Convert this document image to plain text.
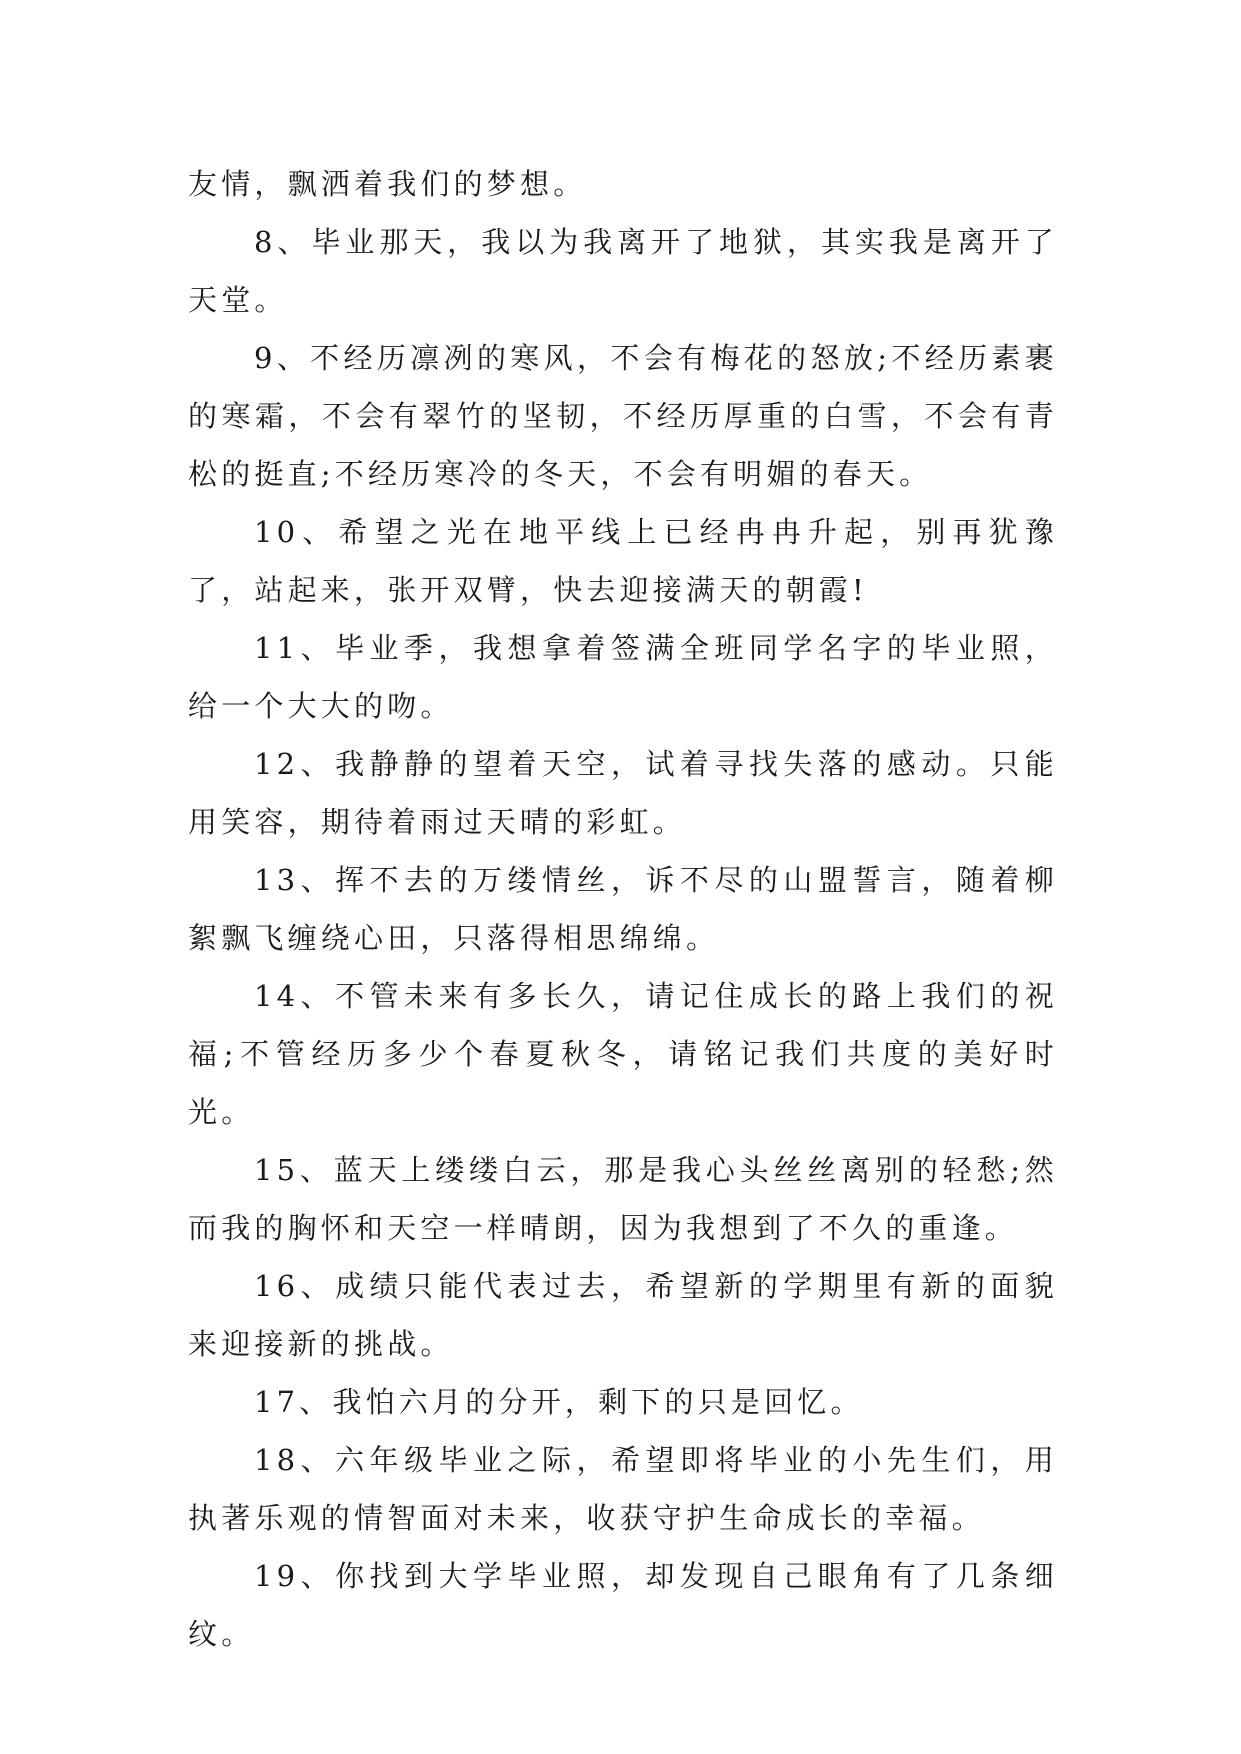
友情，飘洒着我们的梦想。

8、毕业那天，我以为我离开了地狱，其实我是离开了天堂。

9、不经历凛冽的寒风，不会有梅花的怒放;不经历素裹的寒霜，不会有翠竹的坚韧，不经历厚重的白雪，不会有青松的挺直;不经历寒冷的冬天，不会有明媚的春天。

10、希望之光在地平线上已经冉冉升起，别再犹豫了，站起来，张开双臂，快去迎接满天的朝霞!

11、毕业季，我想拿着签满全班同学名字的毕业照，给一个大大的吻。

12、我静静的望着天空，试着寻找失落的感动。只能用笑容，期待着雨过天晴的彩虹。

13、挥不去的万缕情丝，诉不尽的山盟誓言，随着柳絮飘飞缠绕心田，只落得相思绵绵。

14、不管未来有多长久，请记住成长的路上我们的祝福;不管经历多少个春夏秋冬，请铭记我们共度的美好时光。

15、蓝天上缕缕白云，那是我心头丝丝离别的轻愁;然而我的胸怀和天空一样晴朗，因为我想到了不久的重逢。

16、成绩只能代表过去，希望新的学期里有新的面貌来迎接新的挑战。

17、我怕六月的分开，剩下的只是回忆。

18、六年级毕业之际，希望即将毕业的小先生们，用执著乐观的情智面对未来，收获守护生命成长的幸福。

19、你找到大学毕业照，却发现自己眼角有了几条细纹。
